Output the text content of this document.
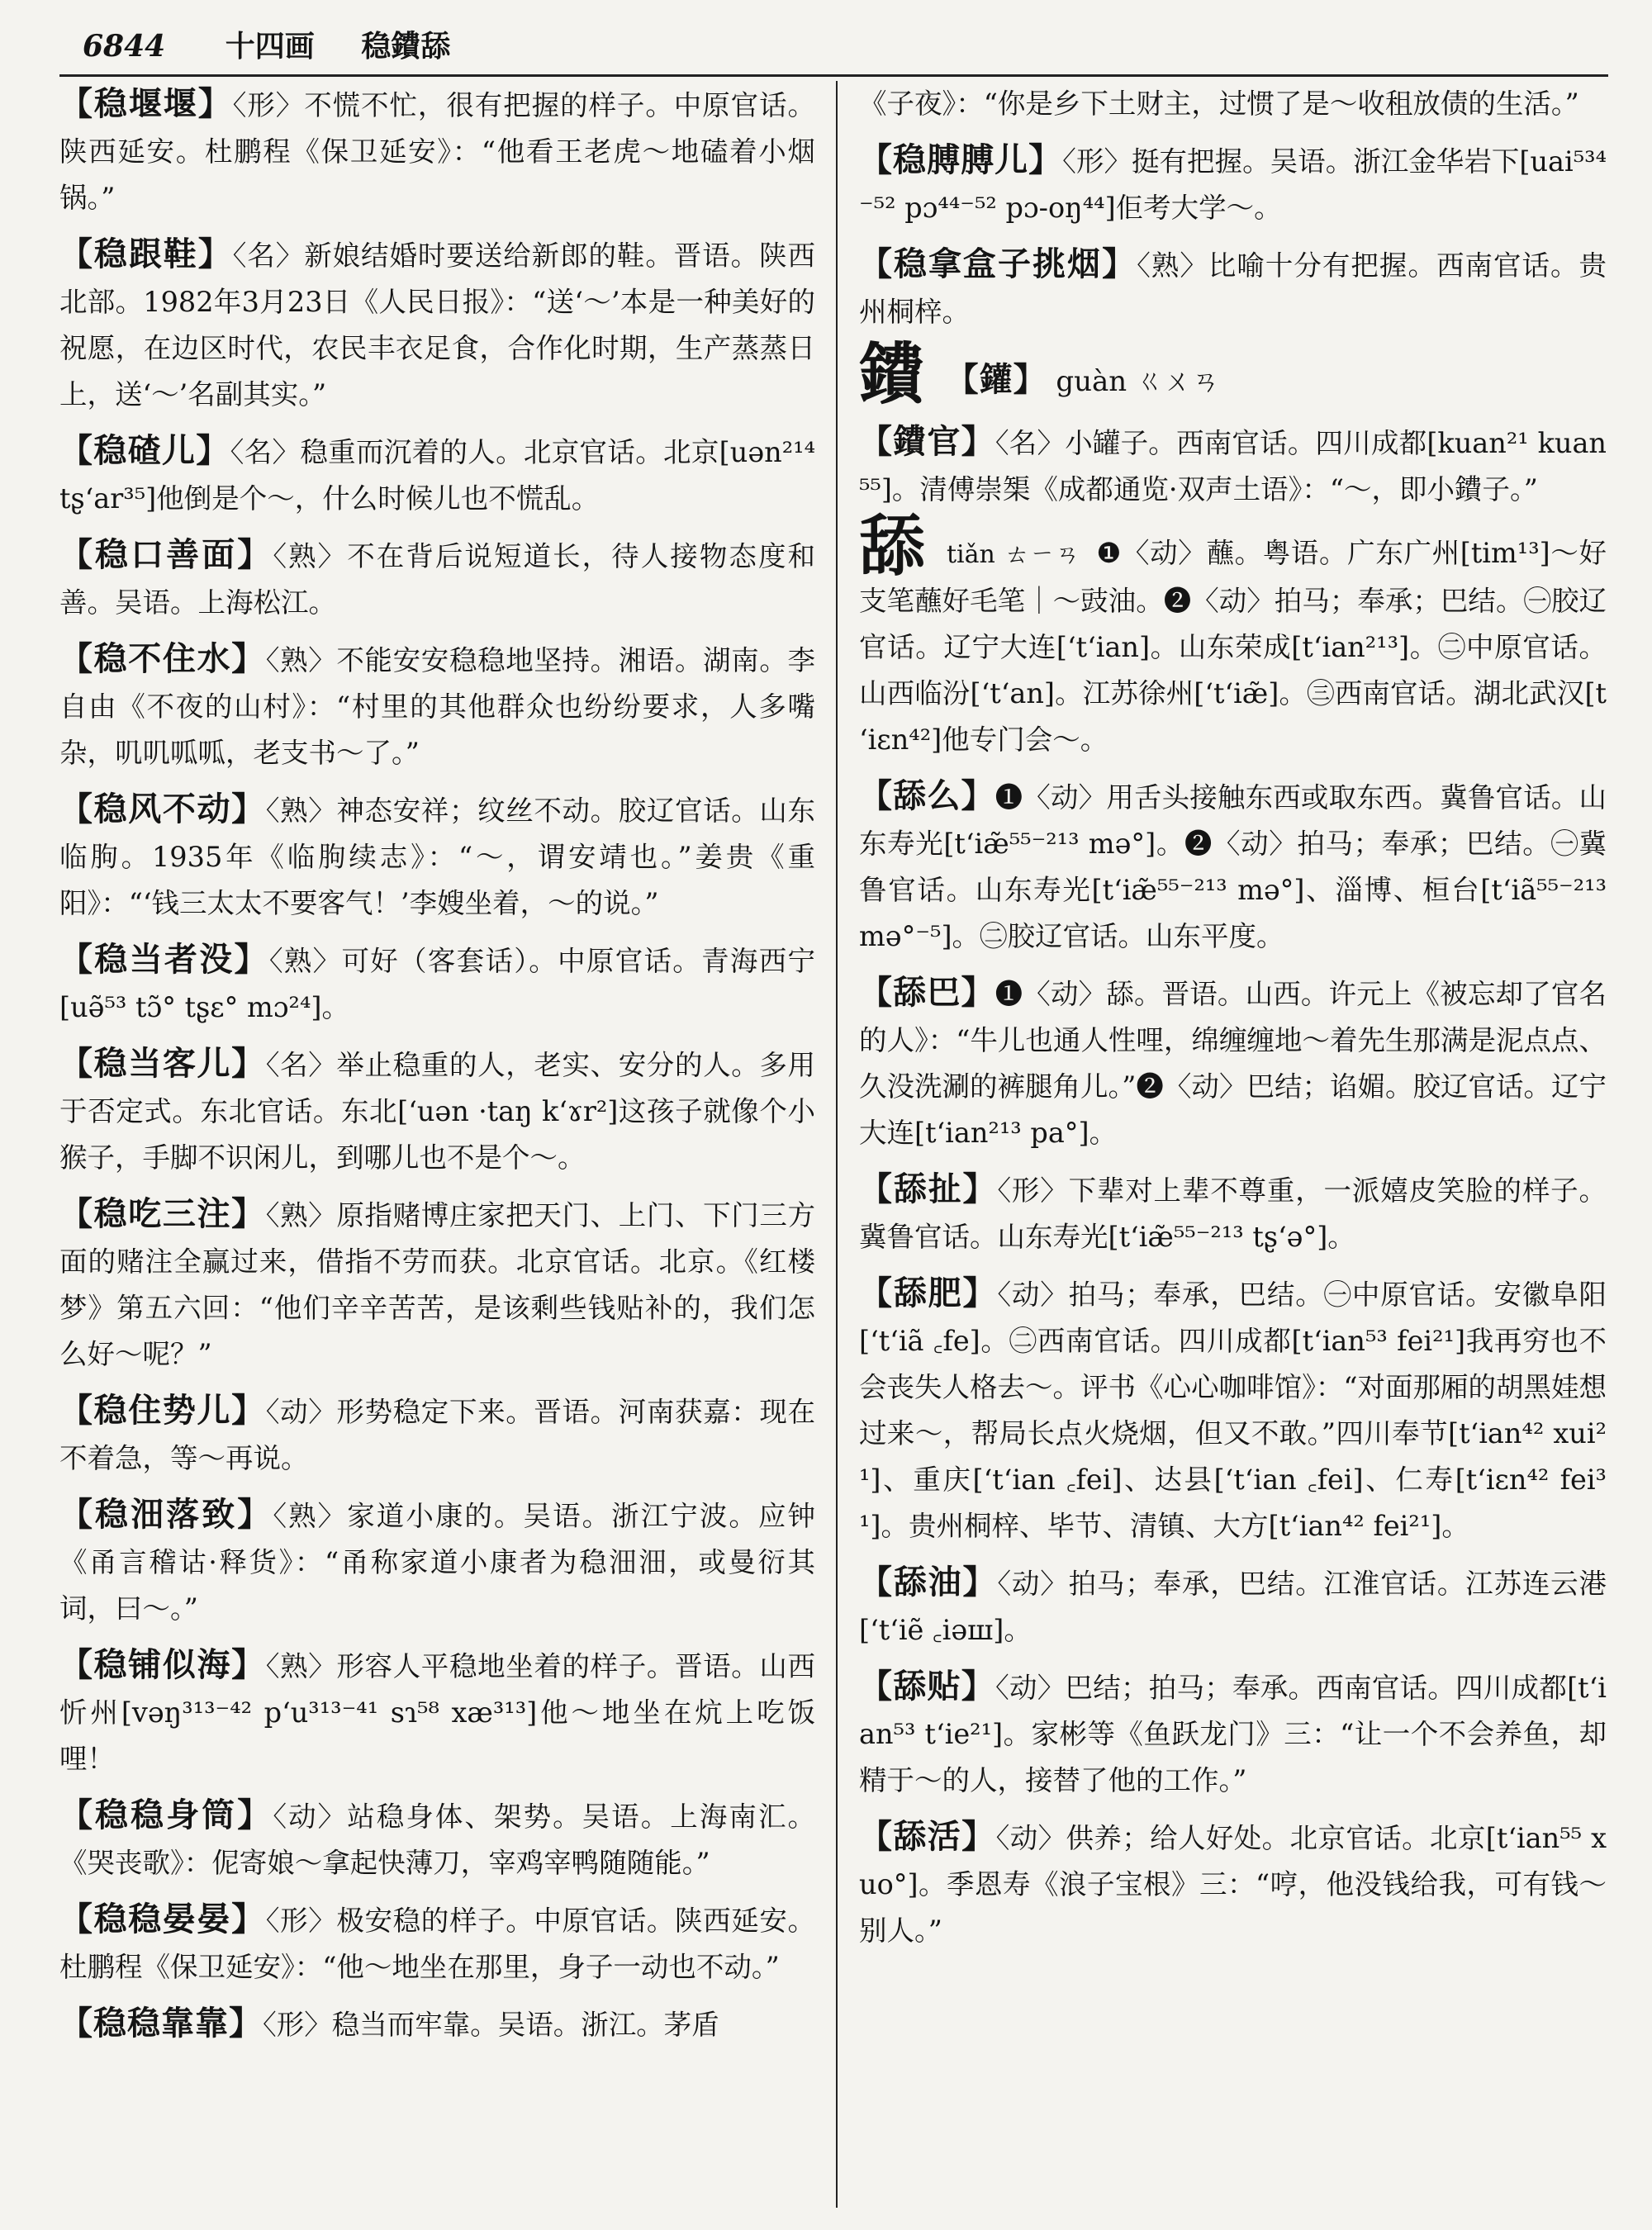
6844 十四画 稳鐨舔

【稳堰堰】〈形〉不慌不忙，很有把握的样子。中原官话。陕西延安。杜鹏程《保卫延安》：“他看王老虎～地磕着小烟锅。”

【稳跟鞋】〈名〉新娘结婚时要送给新郎的鞋。晋语。陕西北部。1982年3月23日《人民日报》：“送‘～’本是一种美好的祝愿，在边区时代，农民丰衣足食，合作化时期，生产蒸蒸日上，送‘～’名副其实。”

【稳碴儿】〈名〉稳重而沉着的人。北京官话。北京[uən²¹⁴ tʂʻar³⁵]他倒是个～，什么时候儿也不慌乱。

【稳口善面】〈熟〉不在背后说短道长，待人接物态度和善。吴语。上海松江。

【稳不住水】〈熟〉不能安安稳稳地坚持。湘语。湖南。李自由《不夜的山村》：“村里的其他群众也纷纷要求，人多嘴杂，叽叽呱呱，老支书～了。”

【稳风不动】〈熟〉神态安祥；纹丝不动。胶辽官话。山东临朐。1935年《临朐续志》：“～，谓安靖也。”姜贵《重阳》：“‘钱三太太不要客气！’李嫂坐着，～的说。”

【稳当者没】〈熟〉可好（客套话）。中原官话。青海西宁[uə̃⁵³ tɔ̃° tʂɛ° mɔ²⁴]。

【稳当客儿】〈名〉举止稳重的人，老实、安分的人。多用于否定式。东北官话。东北[ʻuən ·taŋ kʻɤr²]这孩子就像个小猴子，手脚不识闲儿，到哪儿也不是个～。

【稳吃三注】〈熟〉原指赌博庄家把天门、上门、下门三方面的赌注全赢过来，借指不劳而获。北京官话。北京。《红楼梦》第五六回：“他们辛辛苦苦，是该剩些钱贴补的，我们怎么好～呢？”

【稳住势儿】〈动〉形势稳定下来。晋语。河南获嘉：现在不着急，等～再说。

【稳沺落致】〈熟〉家道小康的。吴语。浙江宁波。应钟《甬言稽诂·释货》：“甬称家道小康者为稳沺沺，或曼衍其词，曰～。”

【稳铺似海】〈熟〉形容人平稳地坐着的样子。晋语。山西忻州[vəŋ³¹³⁻⁴² pʻu³¹³⁻⁴¹ sɿ⁵⁸ xæ³¹³]他～地坐在炕上吃饭哩！

【稳稳身筒】〈动〉站稳身体、架势。吴语。上海南汇。《哭丧歌》：伲寄娘～拿起快薄刀，宰鸡宰鸭随随能。”

【稳稳晏晏】〈形〉极安稳的样子。中原官话。陕西延安。杜鹏程《保卫延安》：“他～地坐在那里，身子一动也不动。”

【稳稳靠靠】〈形〉稳当而牢靠。吴语。浙江。茅盾

《子夜》：“你是乡下土财主，过惯了是～收租放债的生活。”

【稳膊膊儿】〈形〉挺有把握。吴语。浙江金华岩下[uai⁵³⁴⁻⁵² pɔ⁴⁴⁻⁵² pɔ-oŋ⁴⁴]佢考大学～。

【稳拿盒子挑烟】〈熟〉比喻十分有把握。西南官话。贵州桐梓。

鐨 【鑵】 guàn ㄍㄨㄢ

【鐨官】〈名〉小罐子。西南官话。四川成都[kuan²¹ kuan⁵⁵]。清傅崇榘《成都通览·双声土语》：“～，即小鐨子。”

舔 tiǎn ㄊㄧㄢ ❶〈动〉蘸。粤语。广东广州[tim¹³]～好支笔蘸好毛笔｜～豉油。❷〈动〉拍马；奉承；巴结。㊀胶辽官话。辽宁大连[ʻtʻian]。山东荣成[tʻian²¹³]。㊁中原官话。山西临汾[ʻtʻan]。江苏徐州[ʻtʻiæ̃]。㊂西南官话。湖北武汉[tʻiɛn⁴²]他专门会～。

【舔么】❶〈动〉用舌头接触东西或取东西。冀鲁官话。山东寿光[tʻiæ̃⁵⁵⁻²¹³ mə°]。❷〈动〉拍马；奉承；巴结。㊀冀鲁官话。山东寿光[tʻiæ̃⁵⁵⁻²¹³ mə°]、淄博、桓台[tʻiã⁵⁵⁻²¹³ mə°⁻⁵]。㊁胶辽官话。山东平度。

【舔巴】❶〈动〉舔。晋语。山西。许元上《被忘却了官名的人》：“牛儿也通人性哩，绵缠缠地～着先生那满是泥点点、久没洗涮的裤腿角儿。”❷〈动〉巴结；谄媚。胶辽官话。辽宁大连[tʻian²¹³ pa°]。

【舔扯】〈形〉下辈对上辈不尊重，一派嬉皮笑脸的样子。冀鲁官话。山东寿光[tʻiæ̃⁵⁵⁻²¹³ tʂʻə°]。

【舔肥】〈动〉拍马；奉承，巴结。㊀中原官话。安徽阜阳[ʻtʻiã ꜀fe]。㊁西南官话。四川成都[tʻian⁵³ fei²¹]我再穷也不会丧失人格去～。评书《心心咖啡馆》：“对面那厢的胡黑娃想过来～，帮局长点火烧烟，但又不敢。”四川奉节[tʻian⁴² xui²¹]、重庆[ʻtʻian ꜀fei]、达县[ʻtʻian ꜀fei]、仁寿[tʻiɛn⁴² fei³¹]。贵州桐梓、毕节、清镇、大方[tʻian⁴² fei²¹]。

【舔油】〈动〉拍马；奉承，巴结。江淮官话。江苏连云港[ʻtʻiẽ ꜀iəш]。

【舔贴】〈动〉巴结；拍马；奉承。西南官话。四川成都[tʻian⁵³ tʻie²¹]。家彬等《鱼跃龙门》三：“让一个不会养鱼，却精于～的人，接替了他的工作。”

【舔活】〈动〉供养；给人好处。北京官话。北京[tʻian⁵⁵ xuo°]。季恩寿《浪子宝根》三：“哼，他没钱给我，可有钱～别人。”
